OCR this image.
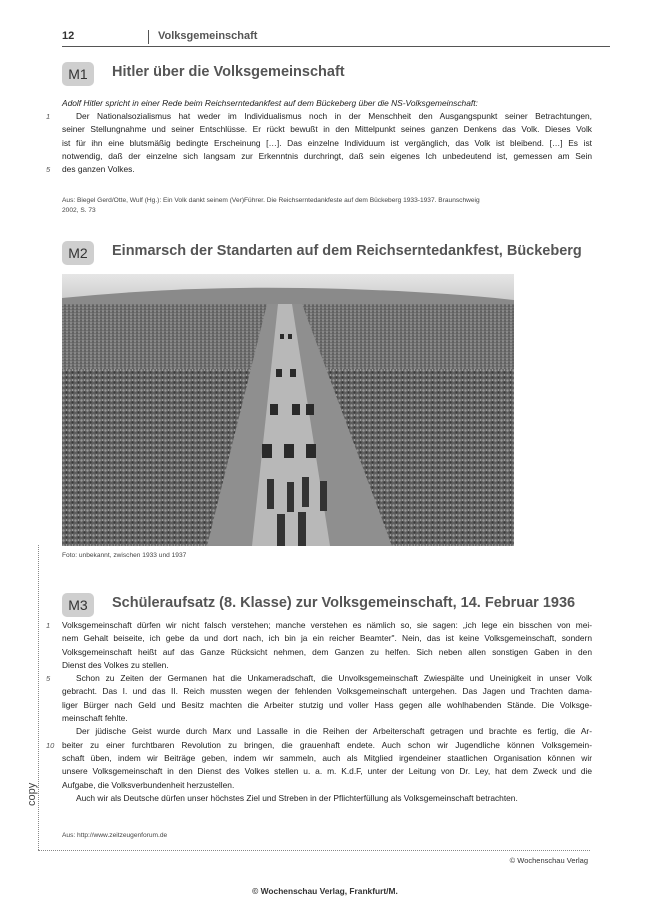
12	Volksgemeinschaft
M1	Hitler über die Volksgemeinschaft
Adolf Hitler spricht in einer Rede beim Reichserntedankfest auf dem Bückeberg über die NS-Volksgemeinschaft:
1	Der Nationalsozialismus hat weder im Individualismus noch in der Menschheit den Ausgangspunkt seiner Betrachtungen,
seiner Stellungnahme und seiner Entschlüsse. Er rückt bewußt in den Mittelpunkt seines ganzen Denkens das Volk. Dieses Volk
ist für ihn eine blutsmäßig bedingte Erscheinung […]. Das einzelne Individuum ist vergänglich, das Volk ist bleibend. […] Es ist
notwendig, daß der einzelne sich langsam zur Erkenntnis durchringt, daß sein eigenes Ich unbedeutend ist, gemessen am Sein
5 des ganzen Volkes.
Aus: Biegel Gerd/Otte, Wulf (Hg.): Ein Volk dankt seinem (Ver)Führer. Die Reichserntedankfeste auf dem Bückeberg 1933-1937. Braunschweig
2002, S. 73
M2	Einmarsch der Standarten auf dem Reichserntedankfest, Bückeberg
Foto: unbekannt, zwischen 1933 und 1937
M3	Schüleraufsatz (8. Klasse) zur Volksgemeinschaft, 14. Februar 1936
1 Volksgemeinschaft dürfen wir nicht falsch verstehen; manche verstehen es nämlich so, sie sagen: „ich lege ein bisschen von mei-
nem Gehalt beiseite, ich gebe da und dort nach, ich bin ja ein reicher Beamter". Nein, das ist keine Volksgemeinschaft, sondern
Volksgemeinschaft heißt auf das Ganze Rücksicht nehmen, dem Ganzen zu helfen. Sich neben allen sonstigen Gaben in den
Dienst des Volkes zu stellen.
5	Schon zu Zeiten der Germanen hat die Unkameradschaft, die Unvolksgemeinschaft Zwiespälte und Uneinigkeit in unser Volk
gebracht. Das I. und das II. Reich mussten wegen der fehlenden Volksgemeinschaft untergehen. Das Jagen und Trachten dama-
liger Bürger nach Geld und Besitz machten die Arbeiter stutzig und voller Hass gegen alle wohlhabenden Stände. Die Volksge-
meinschaft fehlte.
Der jüdische Geist wurde durch Marx und Lassalle in die Reihen der Arbeiterschaft getragen und brachte es fertig, die Ar-
10 beiter zu einer furchtbaren Revolution zu bringen, die grauenhaft endete. Auch schon wir Jugendliche können Volksgemein-
schaft üben, indem wir Beiträge geben, indem wir sammeln, auch als Mitglied irgendeiner staatlichen Organisation können wir
unsere Volksgemeinschaft in den Dienst des Volkes stellen u. a. m. K.d.F, unter der Leitung von Dr. Ley, hat dem Zweck und die
Aufgabe, die Volksverbundenheit herzustellen.
Auch wir als Deutsche dürfen unser höchstes Ziel und Streben in der Pflichterfüllung als Volksgemeinschaft betrachten.
Aus: http://www.zeitzeugenforum.de
copy
© Wochenschau Verlag
© Wochenschau Verlag, Frankfurt/M.
